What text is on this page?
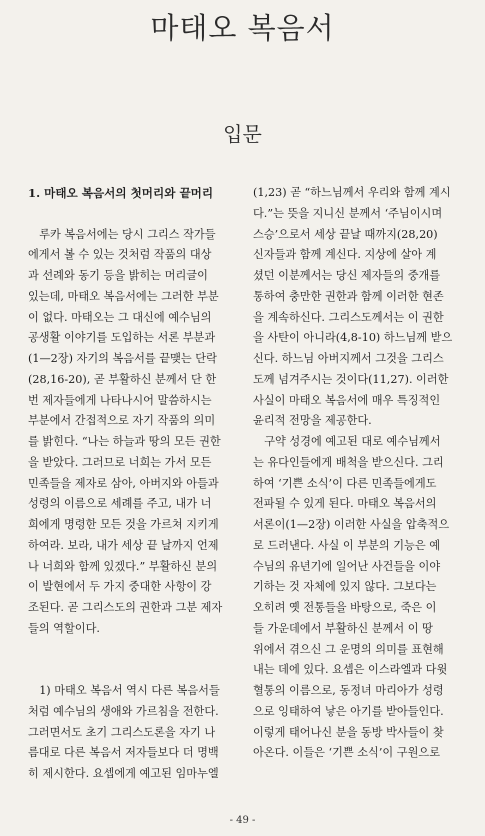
마태오 복음서
입문
1. 마태오 복음서의 첫머리와 끝머리
　루카 복음서에는 당시 그리스 작가들
에게서 볼 수 있는 것처럼 작품의 대상
과 선례와 동기 등을 밝히는 머리글이
있는데, 마태오 복음서에는 그러한 부분
이 없다. 마태오는 그 대신에 예수님의
공생활 이야기를 도입하는 서론 부분과
(1—2장) 자기의 복음서를 끝맺는 단락
(28,16-20), 곧 부활하신 분께서 단 한
번 제자들에게 나타나시어 말씀하시는
부분에서 간접적으로 자기 작품의 의미
를 밝힌다. “나는 하늘과 땅의 모든 권한
을 받았다. 그러므로 너희는 가서 모든
민족들을 제자로 삼아, 아버지와 아들과
성령의 이름으로 세례를 주고, 내가 너
희에게 명령한 모든 것을 가르쳐 지키게
하여라. 보라, 내가 세상 끝 날까지 언제
나 너희와 함께 있겠다.” 부활하신 분의
이 발현에서 두 가지 중대한 사항이 강
조된다. 곧 그리스도의 권한과 그분 제자
들의 역할이다.
　1) 마태오 복음서 역시 다른 복음서들
처럼 예수님의 생애와 가르침을 전한다.
그러면서도 초기 그리스도론을 자기 나
름대로 다른 복음서 저자들보다 더 명백
히 제시한다. 요셉에게 예고된 임마누엘
(1,23) 곧 “하느님께서 우리와 함께 계시
다.”는 뜻을 지니신 분께서 ‘주님이시며
스승’으로서 세상 끝날 때까지(28,20)
신자들과 함께 계신다. 지상에 살아 계
셨던 이분께서는 당신 제자들의 중개를
통하여 충만한 권한과 함께 이러한 현존
을 계속하신다. 그리스도께서는 이 권한
을 사탄이 아니라(4,8-10) 하느님께 받으
신다. 하느님 아버지께서 그것을 그리스
도께 넘겨주시는 것이다(11,27). 이러한
사실이 마태오 복음서에 매우 특징적인
윤리적 전망을 제공한다.
　구약 성경에 예고된 대로 예수님께서
는 유다인들에게 배척을 받으신다. 그리
하여 ‘기쁜 소식’이 다른 민족들에게도
전파될 수 있게 된다. 마태오 복음서의
서론이(1—2장) 이러한 사실을 압축적으
로 드러낸다. 사실 이 부분의 기능은 예
수님의 유년기에 일어난 사건들을 이야
기하는 것 자체에 있지 않다. 그보다는
오히려 옛 전통들을 바탕으로, 죽은 이
들 가운데에서 부활하신 분께서 이 땅
위에서 겪으신 그 운명의 의미를 표현해
내는 데에 있다. 요셉은 이스라엘과 다윗
혈통의 이름으로, 동정녀 마리아가 성령
으로 잉태하여 낳은 아기를 받아들인다.
이렇게 태어나신 분을 동방 박사들이 찾
아온다. 이들은 ‘기쁜 소식’이 구원으로
- 49 -
